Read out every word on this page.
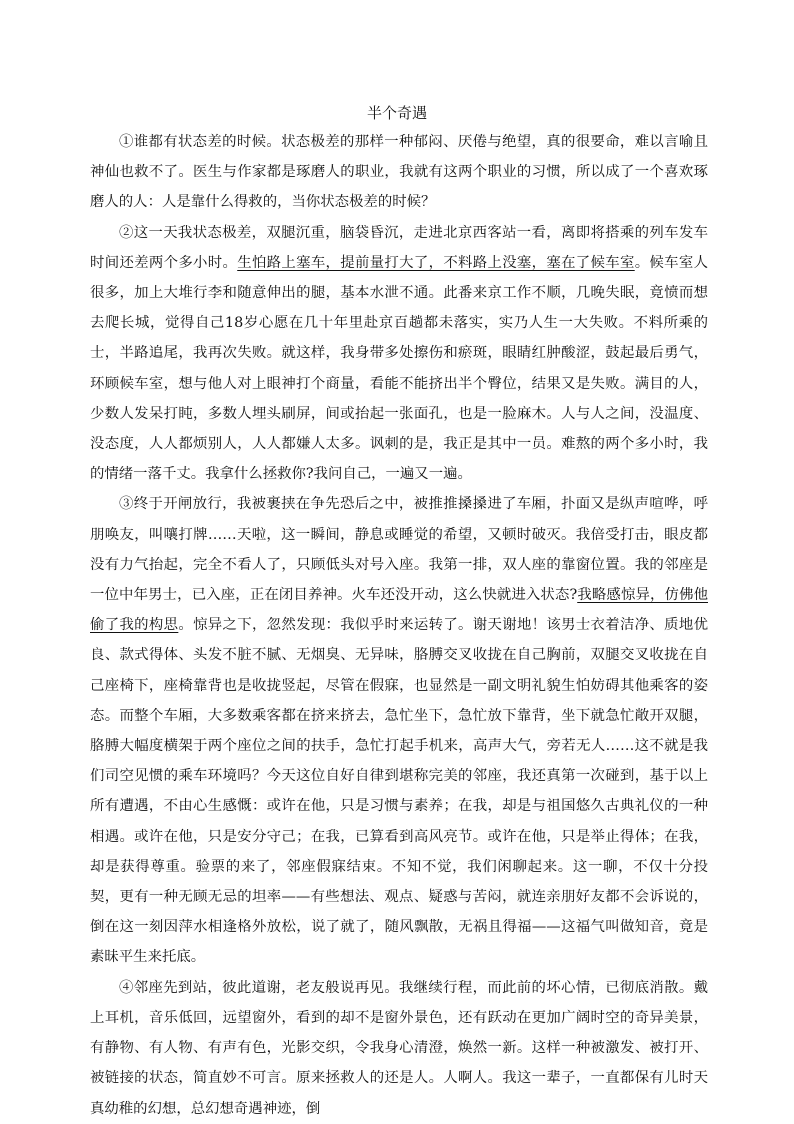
半个奇遇

①谁都有状态差的时候。状态极差的那样一种郁闷、厌倦与绝望，真的很要命，难以言喻且神仙也救不了。医生与作家都是琢磨人的职业，我就有这两个职业的习惯，所以成了一个喜欢琢磨人的人：人是靠什么得救的，当你状态极差的时候？

②这一天我状态极差，双腿沉重，脑袋昏沉，走进北京西客站一看，离即将搭乘的列车发车时间还差两个多小时。生怕路上塞车，提前量打大了，不料路上没塞，塞在了候车室。候车室人很多，加上大堆行李和随意伸出的腿，基本水泄不通。此番来京工作不顺，几晚失眠，竟愤而想去爬长城，觉得自己18岁心愿在几十年里赴京百趟都未落实，实乃人生一大失败。不料所乘的士，半路追尾，我再次失败。就这样，我身带多处擦伤和瘀斑，眼睛红肿酸涩，鼓起最后勇气，环顾候车室，想与他人对上眼神打个商量，看能不能挤出半个臀位，结果又是失败。满目的人，少数人发呆打盹，多数人埋头刷屏，间或抬起一张面孔，也是一脸麻木。人与人之间，没温度、没态度，人人都烦别人，人人都嫌人太多。讽刺的是，我正是其中一员。难熬的两个多小时，我的情绪一落千丈。我拿什么拯救你?我问自己，一遍又一遍。

③终于开闸放行，我被裹挟在争先恐后之中，被推推搡搡进了车厢，扑面又是纵声喧哗，呼朋唤友，叫嚷打牌……天啦，这一瞬间，静息或睡觉的希望，又顿时破灭。我倍受打击，眼皮都没有力气抬起，完全不看人了，只顾低头对号入座。我第一排，双人座的靠窗位置。我的邻座是一位中年男士，已入座，正在闭目养神。火车还没开动，这么快就进入状态?我略感惊异，仿佛他偷了我的构思。惊异之下，忽然发现：我似乎时来运转了。谢天谢地！该男士衣着洁净、质地优良、款式得体、头发不脏不腻、无烟臭、无异味，胳膊交叉收拢在自己胸前，双腿交叉收拢在自己座椅下，座椅靠背也是收拢竖起，尽管在假寐，也显然是一副文明礼貌生怕妨碍其他乘客的姿态。而整个车厢，大多数乘客都在挤来挤去，急忙坐下，急忙放下靠背，坐下就急忙敞开双腿，胳膊大幅度横架于两个座位之间的扶手，急忙打起手机来，高声大气，旁若无人……这不就是我们司空见惯的乘车环境吗？今天这位自好自律到堪称完美的邻座，我还真第一次碰到，基于以上所有遭遇，不由心生感慨：或许在他，只是习惯与素养；在我，却是与祖国悠久古典礼仪的一种相遇。或许在他，只是安分守己；在我，已算看到高风亮节。或许在他，只是举止得体；在我，却是获得尊重。验票的来了，邻座假寐结束。不知不觉，我们闲聊起来。这一聊，不仅十分投契，更有一种无顾无忌的坦率——有些想法、观点、疑惑与苦闷，就连亲朋好友都不会诉说的，倒在这一刻因萍水相逢格外放松，说了就了，随风飘散，无祸且得福——这福气叫做知音，竟是素昧平生来托底。

④邻座先到站，彼此道谢，老友般说再见。我继续行程，而此前的坏心情，已彻底消散。戴上耳机，音乐低回，远望窗外，看到的却不是窗外景色，还有跃动在更加广阔时空的奇异美景，有静物、有人物、有声有色，光影交织，令我身心清澄，焕然一新。这样一种被激发、被打开、被链接的状态，简直妙不可言。原来拯救人的还是人。人啊人。我这一辈子，一直都保有儿时天真幼稚的幻想，总幻想奇遇神迹，倒
